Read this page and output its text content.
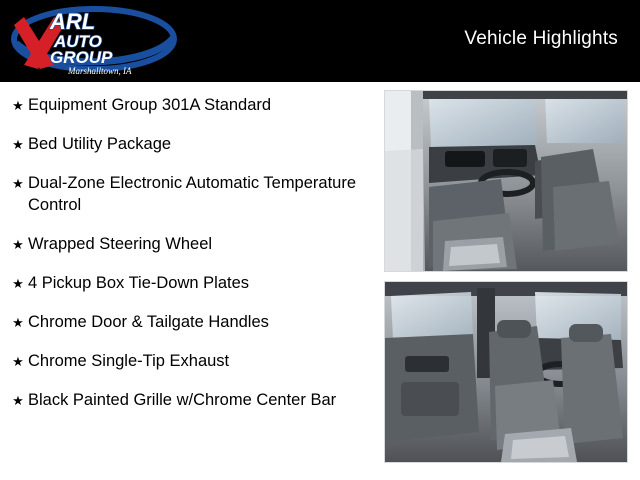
ARL
AUTO
GROUP
Marshalltown, IA
Vehicle Highlights
★ Equipment Group 301A Standard
★ Bed Utility Package
★ Dual-Zone Electronic Automatic Temperature Control
★ Wrapped Steering Wheel
★ 4 Pickup Box Tie-Down Plates
★ Chrome Door & Tailgate Handles
★ Chrome Single-Tip Exhaust
★ Black Painted Grille w/Chrome Center Bar
